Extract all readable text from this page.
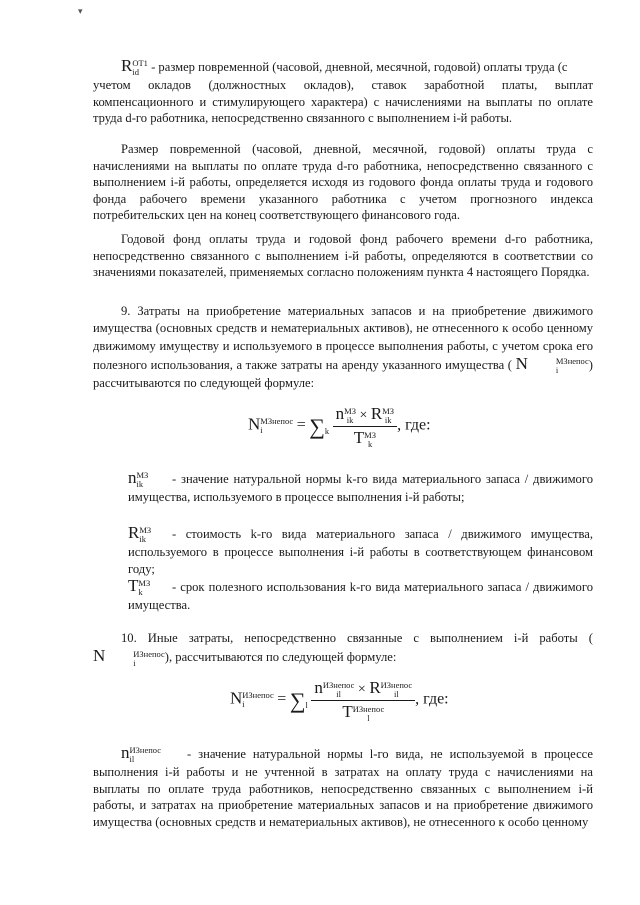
▾
R ОТ1
id - размер повременной (часовой, дневной, месячной, годовой) оплаты труда (с
учетом окладов (должностных окладов), ставок заработной платы, выплат компенсационного и стимулирующего характера) с начислениями на выплаты по оплате труда d-го работника, непосредственно связанного с выполнением i-й работы.
Размер повременной (часовой, дневной, месячной, годовой) оплаты труда с начислениями на выплаты по оплате труда d-го работника, непосредственно связанного с выполнением i-й работы, определяется исходя из годового фонда оплаты труда и годового фонда рабочего времени указанного работника с учетом прогнозного индекса потребительских цен на конец соответствующего финансового года.
Годовой фонд оплаты труда и годовой фонд рабочего времени d-го работника, непосредственно связанного с выполнением i-й работы, определяются в соответствии со значениями показателей, применяемых согласно положениям пункта 4 настоящего Порядка.
9. Затраты на приобретение материальных запасов и на приобретение движимого имущества (основных средств и нематериальных активов), не отнесенного к особо ценному движимому имуществу и используемого в процессе выполнения работы, с учетом срока его полезного использования, а также затраты на аренду указанного имущества ( N	МЗнепос
i	) рассчитываются по следующей формуле:
N МЗнепос
i	= $\sum_k$ n МЗ
ik × R МЗ
ik
T МЗ
k , где:
n МЗ
ik	- значение натуральной нормы k-го вида материального запаса / движимого имущества, используемого в процессе выполнения i-й работы;
R МЗ
ik	- стоимость k-го вида материального запаса / движимого имущества, используемого в процессе выполнения i-й работы в соответствующем финансовом году;
T МЗ
k	- срок полезного использования k-го вида материального запаса / движимого имущества.
10. Иные затраты, непосредственно связанные с выполнением i-й работы ( N	ИЗнепос
i	), рассчитываются по следующей формуле:
N ИЗнепос
i	= $\sum_l$ n ИЗнепос
il	× R ИЗнепос
il
T ИЗнепос
l , где:
n ИЗнепос
il	- значение натуральной нормы l-го вида, не используемой в процессе выполнения i-й работы и не учтенной в затратах на оплату труда с начислениями на выплаты по оплате труда работников, непосредственно связанных с выполнением i-й работы, и затратах на приобретение материальных запасов и на приобретение движимого имущества (основных средств и нематериальных активов), не отнесенного к особо ценному
